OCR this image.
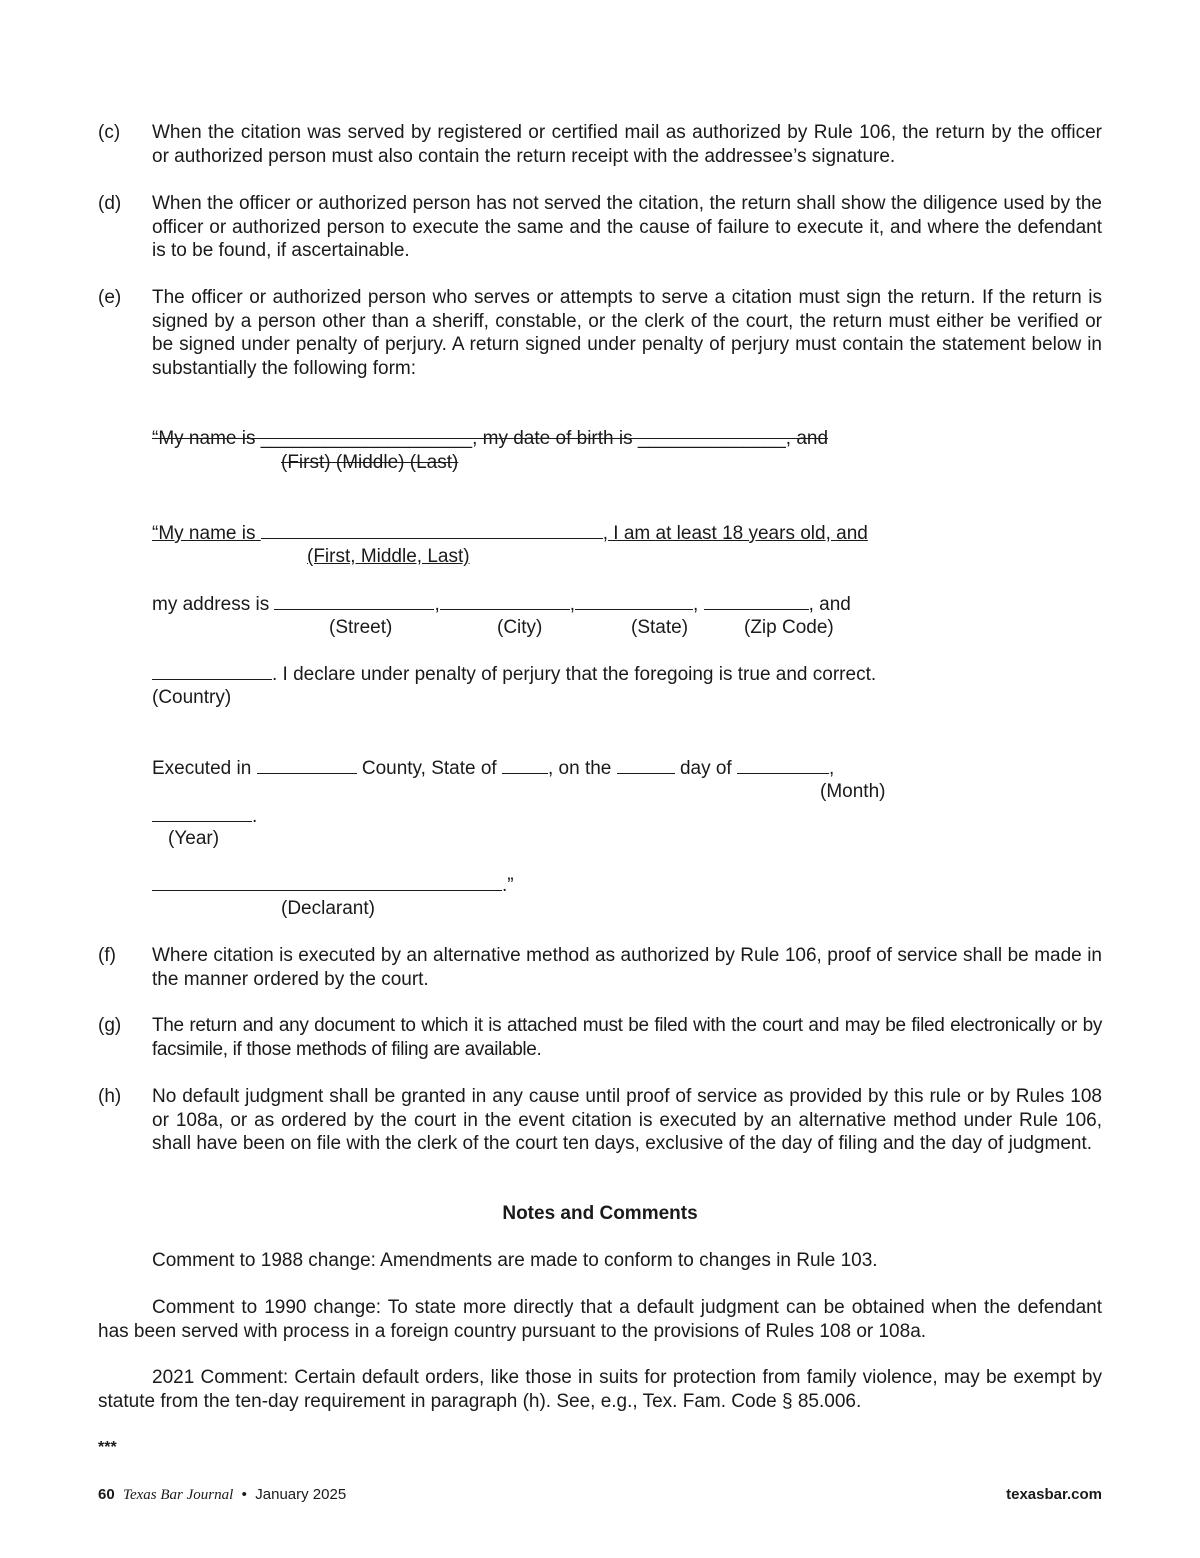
(c) When the citation was served by registered or certified mail as authorized by Rule 106, the return by the officer or authorized person must also contain the return receipt with the addressee’s signature.
(d) When the officer or authorized person has not served the citation, the return shall show the diligence used by the officer or authorized person to execute the same and the cause of failure to execute it, and where the defendant is to be found, if ascertainable.
(e) The officer or authorized person who serves or attempts to serve a citation must sign the return. If the return is signed by a person other than a sheriff, constable, or the clerk of the court, the return must either be verified or be signed under penalty of perjury. A return signed under penalty of perjury must contain the statement below in substantially the following form:
“My name is ____________________, my date of birth is ______________, and
(First) (Middle) (Last)
“My name is	, I am at least 18 years old, and
(First, Middle, Last)
my address is	,	,	,	, and
(Street)	(City)	(State)	(Zip Code)
. I declare under penalty of perjury that the foregoing is true and correct.
(Country)
Executed in	County, State of	, on the	day of	,
(Month)
.
(Year)
.”
(Declarant)
(f) Where citation is executed by an alternative method as authorized by Rule 106, proof of service shall be made in the manner ordered by the court.
(g) The return and any document to which it is attached must be filed with the court and may be filed electronically or by facsimile, if those methods of filing are available.
(h) No default judgment shall be granted in any cause until proof of service as provided by this rule or by Rules 108 or 108a, or as ordered by the court in the event citation is executed by an alternative method under Rule 106, shall have been on file with the clerk of the court ten days, exclusive of the day of filing and the day of judgment.
Notes and Comments
Comment to 1988 change: Amendments are made to conform to changes in Rule 103.
Comment to 1990 change: To state more directly that a default judgment can be obtained when the defendant has been served with process in a foreign country pursuant to the provisions of Rules 108 or 108a.
2021 Comment: Certain default orders, like those in suits for protection from family violence, may be exempt by statute from the ten-day requirement in paragraph (h). See, e.g., Tex. Fam. Code § 85.006.
***
60 Texas Bar Journal • January 2025	texasbar.com
